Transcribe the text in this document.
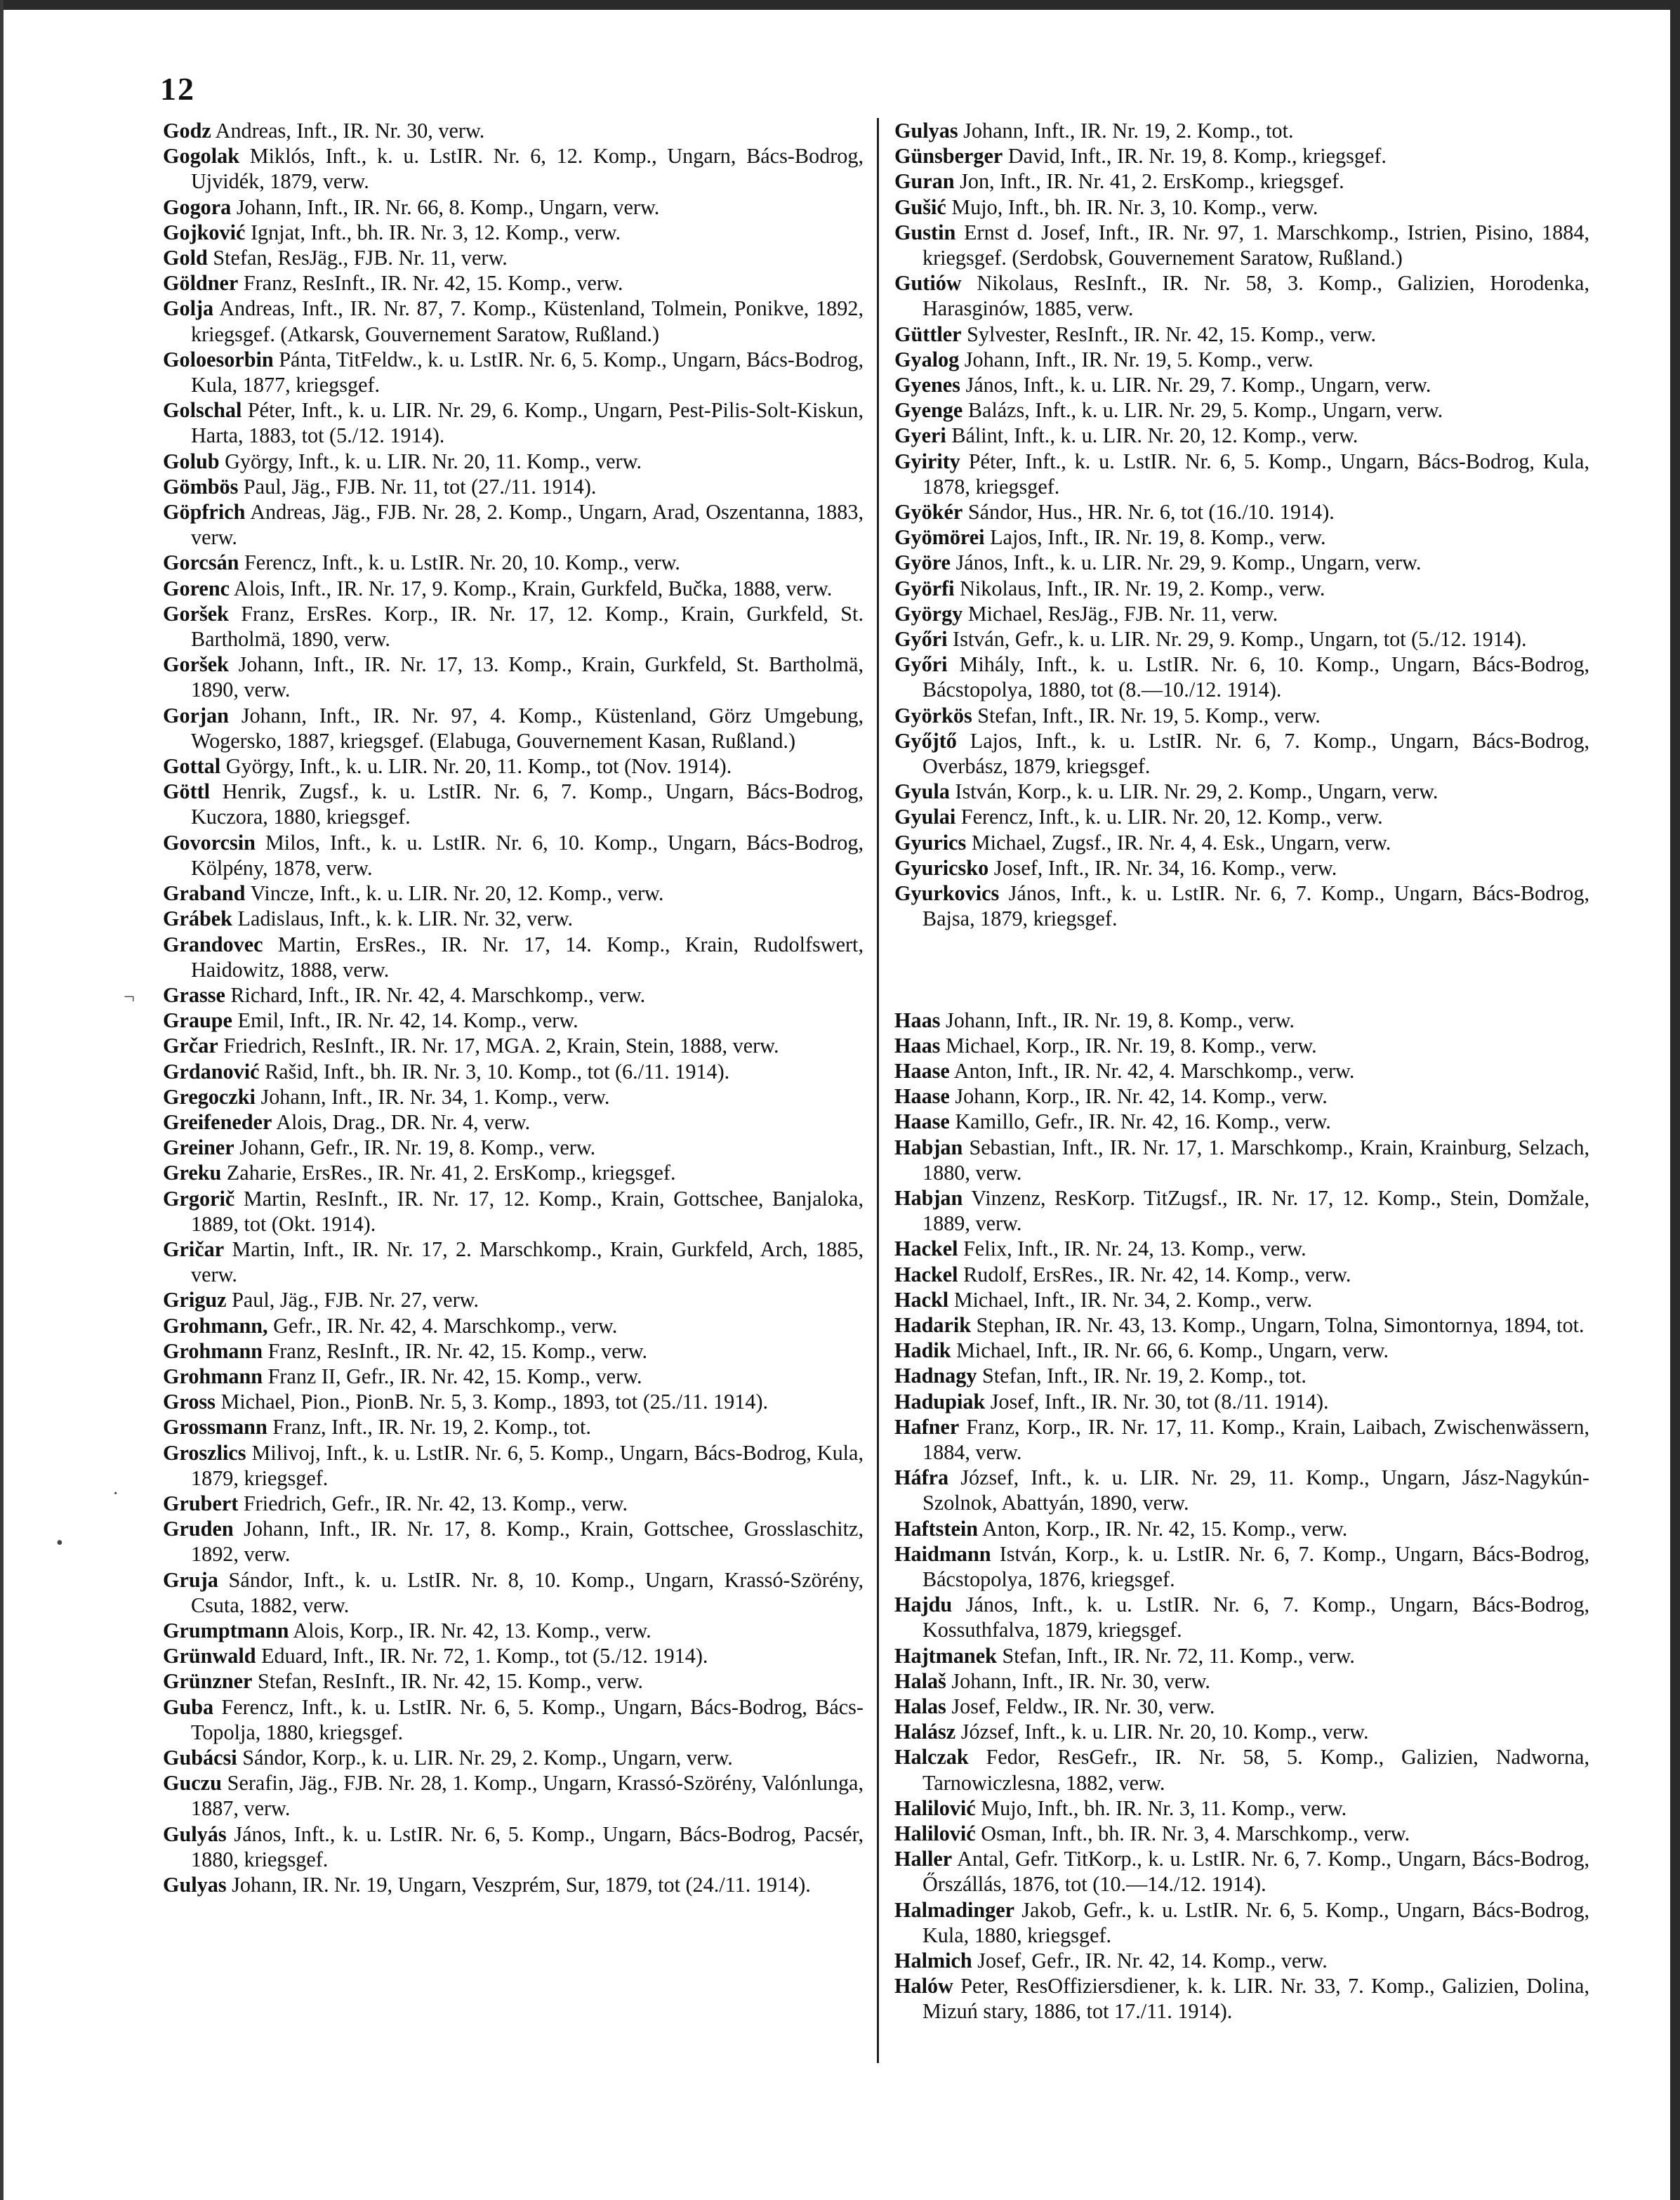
12
Godz Andreas, Inft., IR. Nr. 30, verw.
Gogolak Miklós, Inft., k. u. LstIR. Nr. 6, 12. Komp., Ungarn, Bács-Bodrog, Ujvidék, 1879, verw.
Gogora Johann, Inft., IR. Nr. 66, 8. Komp., Ungarn, verw.
Gojković Ignjat, Inft., bh. IR. Nr. 3, 12. Komp., verw.
Gold Stefan, ResJäg., FJB. Nr. 11, verw.
Göldner Franz, ResInft., IR. Nr. 42, 15. Komp., verw.
Golja Andreas, Inft., IR. Nr. 87, 7. Komp., Küstenland, Tolmein, Ponikve, 1892, kriegsgef. (Atkarsk, Gouvernement Saratow, Rußland.)
Goloesorbin Pánta, TitFeldw., k. u. LstIR. Nr. 6, 5. Komp., Ungarn, Bács-Bodrog, Kula, 1877, kriegsgef.
Golschal Péter, Inft., k. u. LIR. Nr. 29, 6. Komp., Ungarn, Pest-Pilis-Solt-Kiskun, Harta, 1883, tot (5./12. 1914).
Golub György, Inft., k. u. LIR. Nr. 20, 11. Komp., verw.
Gömbös Paul, Jäg., FJB. Nr. 11, tot (27./11. 1914).
Göpfrich Andreas, Jäg., FJB. Nr. 28, 2. Komp., Ungarn, Arad, Oszentanna, 1883, verw.
Gorcsán Ferencz, Inft., k. u. LstIR. Nr. 20, 10. Komp., verw.
Gorenc Alois, Inft., IR. Nr. 17, 9. Komp., Krain, Gurkfeld, Bučka, 1888, verw.
Goršek Franz, ErsRes. Korp., IR. Nr. 17, 12. Komp., Krain, Gurkfeld, St. Bartholmä, 1890, verw.
Goršek Johann, Inft., IR. Nr. 17, 13. Komp., Krain, Gurkfeld, St. Bartholmä, 1890, verw.
Gorjan Johann, Inft., IR. Nr. 97, 4. Komp., Küstenland, Görz Umgebung, Wogersko, 1887, kriegsgef. (Elabuga, Gouvernement Kasan, Rußland.)
Gottal György, Inft., k. u. LIR. Nr. 20, 11. Komp., tot (Nov. 1914).
Göttl Henrik, Zugsf., k. u. LstIR. Nr. 6, 7. Komp., Ungarn, Bács-Bodrog, Kuczora, 1880, kriegsgef.
Govorcsin Milos, Inft., k. u. LstIR. Nr. 6, 10. Komp., Ungarn, Bács-Bodrog, Kölpény, 1878, verw.
Graband Vincze, Inft., k. u. LIR. Nr. 20, 12. Komp., verw.
Grábek Ladislaus, Inft., k. k. LIR. Nr. 32, verw.
Grandovec Martin, ErsRes., IR. Nr. 17, 14. Komp., Krain, Rudolfswert, Haidowitz, 1888, verw.
Grasse Richard, Inft., IR. Nr. 42, 4. Marschkomp., verw.
Graupe Emil, Inft., IR. Nr. 42, 14. Komp., verw.
Grčar Friedrich, ResInft., IR. Nr. 17, MGA. 2, Krain, Stein, 1888, verw.
Grdanović Rašid, Inft., bh. IR. Nr. 3, 10. Komp., tot (6./11. 1914).
Gregoczki Johann, Inft., IR. Nr. 34, 1. Komp., verw.
Greifeneder Alois, Drag., DR. Nr. 4, verw.
Greiner Johann, Gefr., IR. Nr. 19, 8. Komp., verw.
Greku Zaharie, ErsRes., IR. Nr. 41, 2. ErsKomp., kriegsgef.
Grgorič Martin, ResInft., IR. Nr. 17, 12. Komp., Krain, Gottschee, Banjaloka, 1889, tot (Okt. 1914).
Gričar Martin, Inft., IR. Nr. 17, 2. Marschkomp., Krain, Gurkfeld, Arch, 1885, verw.
Griguz Paul, Jäg., FJB. Nr. 27, verw.
Grohmann, Gefr., IR. Nr. 42, 4. Marschkomp., verw.
Grohmann Franz, ResInft., IR. Nr. 42, 15. Komp., verw.
Grohmann Franz II, Gefr., IR. Nr. 42, 15. Komp., verw.
Gross Michael, Pion., PionB. Nr. 5, 3. Komp., 1893, tot (25./11. 1914).
Grossmann Franz, Inft., IR. Nr. 19, 2. Komp., tot.
Groszlics Milivoj, Inft., k. u. LstIR. Nr. 6, 5. Komp., Ungarn, Bács-Bodrog, Kula, 1879, kriegsgef.
Grubert Friedrich, Gefr., IR. Nr. 42, 13. Komp., verw.
Gruden Johann, Inft., IR. Nr. 17, 8. Komp., Krain, Gottschee, Grosslaschitz, 1892, verw.
Gruja Sándor, Inft., k. u. LstIR. Nr. 8, 10. Komp., Ungarn, Krassó-Szörény, Csuta, 1882, verw.
Grumptmann Alois, Korp., IR. Nr. 42, 13. Komp., verw.
Grünwald Eduard, Inft., IR. Nr. 72, 1. Komp., tot (5./12. 1914).
Grünzner Stefan, ResInft., IR. Nr. 42, 15. Komp., verw.
Guba Ferencz, Inft., k. u. LstIR. Nr. 6, 5. Komp., Ungarn, Bács-Bodrog, Bács-Topolja, 1880, kriegsgef.
Gubácsi Sándor, Korp., k. u. LIR. Nr. 29, 2. Komp., Ungarn, verw.
Guczu Serafin, Jäg., FJB. Nr. 28, 1. Komp., Ungarn, Krassó-Szörény, Valónlunga, 1887, verw.
Gulyás János, Inft., k. u. LstIR. Nr. 6, 5. Komp., Ungarn, Bács-Bodrog, Pacsér, 1880, kriegsgef.
Gulyas Johann, IR. Nr. 19, Ungarn, Veszprém, Sur, 1879, tot (24./11. 1914).
Gulyas Johann, Inft., IR. Nr. 19, 2. Komp., tot.
Günsberger David, Inft., IR. Nr. 19, 8. Komp., kriegsgef.
Guran Jon, Inft., IR. Nr. 41, 2. ErsKomp., kriegsgef.
Gušić Mujo, Inft., bh. IR. Nr. 3, 10. Komp., verw.
Gustin Ernst d. Josef, Inft., IR. Nr. 97, 1. Marschkomp., Istrien, Pisino, 1884, kriegsgef. (Serdobsk, Gouvernement Saratow, Rußland.)
Gutiów Nikolaus, ResInft., IR. Nr. 58, 3. Komp., Galizien, Horodenka, Harasginów, 1885, verw.
Güttler Sylvester, ResInft., IR. Nr. 42, 15. Komp., verw.
Gyalog Johann, Inft., IR. Nr. 19, 5. Komp., verw.
Gyenes János, Inft., k. u. LIR. Nr. 29, 7. Komp., Ungarn, verw.
Gyenge Balázs, Inft., k. u. LIR. Nr. 29, 5. Komp., Ungarn, verw.
Gyeri Bálint, Inft., k. u. LIR. Nr. 20, 12. Komp., verw.
Gyirity Péter, Inft., k. u. LstIR. Nr. 6, 5. Komp., Ungarn, Bács-Bodrog, Kula, 1878, kriegsgef.
Gyökér Sándor, Hus., HR. Nr. 6, tot (16./10. 1914).
Gyömörei Lajos, Inft., IR. Nr. 19, 8. Komp., verw.
Györe János, Inft., k. u. LIR. Nr. 29, 9. Komp., Ungarn, verw.
Györfi Nikolaus, Inft., IR. Nr. 19, 2. Komp., verw.
György Michael, ResJäg., FJB. Nr. 11, verw.
Győri István, Gefr., k. u. LIR. Nr. 29, 9. Komp., Ungarn, tot (5./12. 1914).
Győri Mihály, Inft., k. u. LstIR. Nr. 6, 10. Komp., Ungarn, Bács-Bodrog, Bácstopolya, 1880, tot (8.—10./12. 1914).
Györkös Stefan, Inft., IR. Nr. 19, 5. Komp., verw.
Győjtő Lajos, Inft., k. u. LstIR. Nr. 6, 7. Komp., Ungarn, Bács-Bodrog, Overbász, 1879, kriegsgef.
Gyula István, Korp., k. u. LIR. Nr. 29, 2. Komp., Ungarn, verw.
Gyulai Ferencz, Inft., k. u. LIR. Nr. 20, 12. Komp., verw.
Gyurics Michael, Zugsf., IR. Nr. 4, 4. Esk., Ungarn, verw.
Gyuricsko Josef, Inft., IR. Nr. 34, 16. Komp., verw.
Gyurkovics János, Inft., k. u. LstIR. Nr. 6, 7. Komp., Ungarn, Bács-Bodrog, Bajsa, 1879, kriegsgef.
Haas Johann, Inft., IR. Nr. 19, 8. Komp., verw.
Haas Michael, Korp., IR. Nr. 19, 8. Komp., verw.
Haase Anton, Inft., IR. Nr. 42, 4. Marschkomp., verw.
Haase Johann, Korp., IR. Nr. 42, 14. Komp., verw.
Haase Kamillo, Gefr., IR. Nr. 42, 16. Komp., verw.
Habjan Sebastian, Inft., IR. Nr. 17, 1. Marschkomp., Krain, Krainburg, Selzach, 1880, verw.
Habjan Vinzenz, ResKorp. TitZugsf., IR. Nr. 17, 12. Komp., Stein, Domžale, 1889, verw.
Hackel Felix, Inft., IR. Nr. 24, 13. Komp., verw.
Hackel Rudolf, ErsRes., IR. Nr. 42, 14. Komp., verw.
Hackl Michael, Inft., IR. Nr. 34, 2. Komp., verw.
Hadarik Stephan, IR. Nr. 43, 13. Komp., Ungarn, Tolna, Simontornya, 1894, tot.
Hadik Michael, Inft., IR. Nr. 66, 6. Komp., Ungarn, verw.
Hadnagy Stefan, Inft., IR. Nr. 19, 2. Komp., tot.
Hadupiak Josef, Inft., IR. Nr. 30, tot (8./11. 1914).
Hafner Franz, Korp., IR. Nr. 17, 11. Komp., Krain, Laibach, Zwischenwässern, 1884, verw.
Háfra József, Inft., k. u. LIR. Nr. 29, 11. Komp., Ungarn, Jász-Nagykún-Szolnok, Abattyán, 1890, verw.
Haftstein Anton, Korp., IR. Nr. 42, 15. Komp., verw.
Haidmann István, Korp., k. u. LstIR. Nr. 6, 7. Komp., Ungarn, Bács-Bodrog, Bácstopolya, 1876, kriegsgef.
Hajdu János, Inft., k. u. LstIR. Nr. 6, 7. Komp., Ungarn, Bács-Bodrog, Kossuthfalva, 1879, kriegsgef.
Hajtmanek Stefan, Inft., IR. Nr. 72, 11. Komp., verw.
Halaš Johann, Inft., IR. Nr. 30, verw.
Halas Josef, Feldw., IR. Nr. 30, verw.
Halász József, Inft., k. u. LIR. Nr. 20, 10. Komp., verw.
Halczak Fedor, ResGefr., IR. Nr. 58, 5. Komp., Galizien, Nadworna, Tarnowiczlesna, 1882, verw.
Halilović Mujo, Inft., bh. IR. Nr. 3, 11. Komp., verw.
Halilović Osman, Inft., bh. IR. Nr. 3, 4. Marschkomp., verw.
Haller Antal, Gefr. TitKorp., k. u. LstIR. Nr. 6, 7. Komp., Ungarn, Bács-Bodrog, Őrszállás, 1876, tot (10.—14./12. 1914).
Halmadinger Jakob, Gefr., k. u. LstIR. Nr. 6, 5. Komp., Ungarn, Bács-Bodrog, Kula, 1880, kriegsgef.
Halmich Josef, Gefr., IR. Nr. 42, 14. Komp., verw.
Halów Peter, ResOffiziersdiener, k. k. LIR. Nr. 33, 7. Komp., Galizien, Dolina, Mizuń stary, 1886, tot 17./11. 1914).
¬
·
•
